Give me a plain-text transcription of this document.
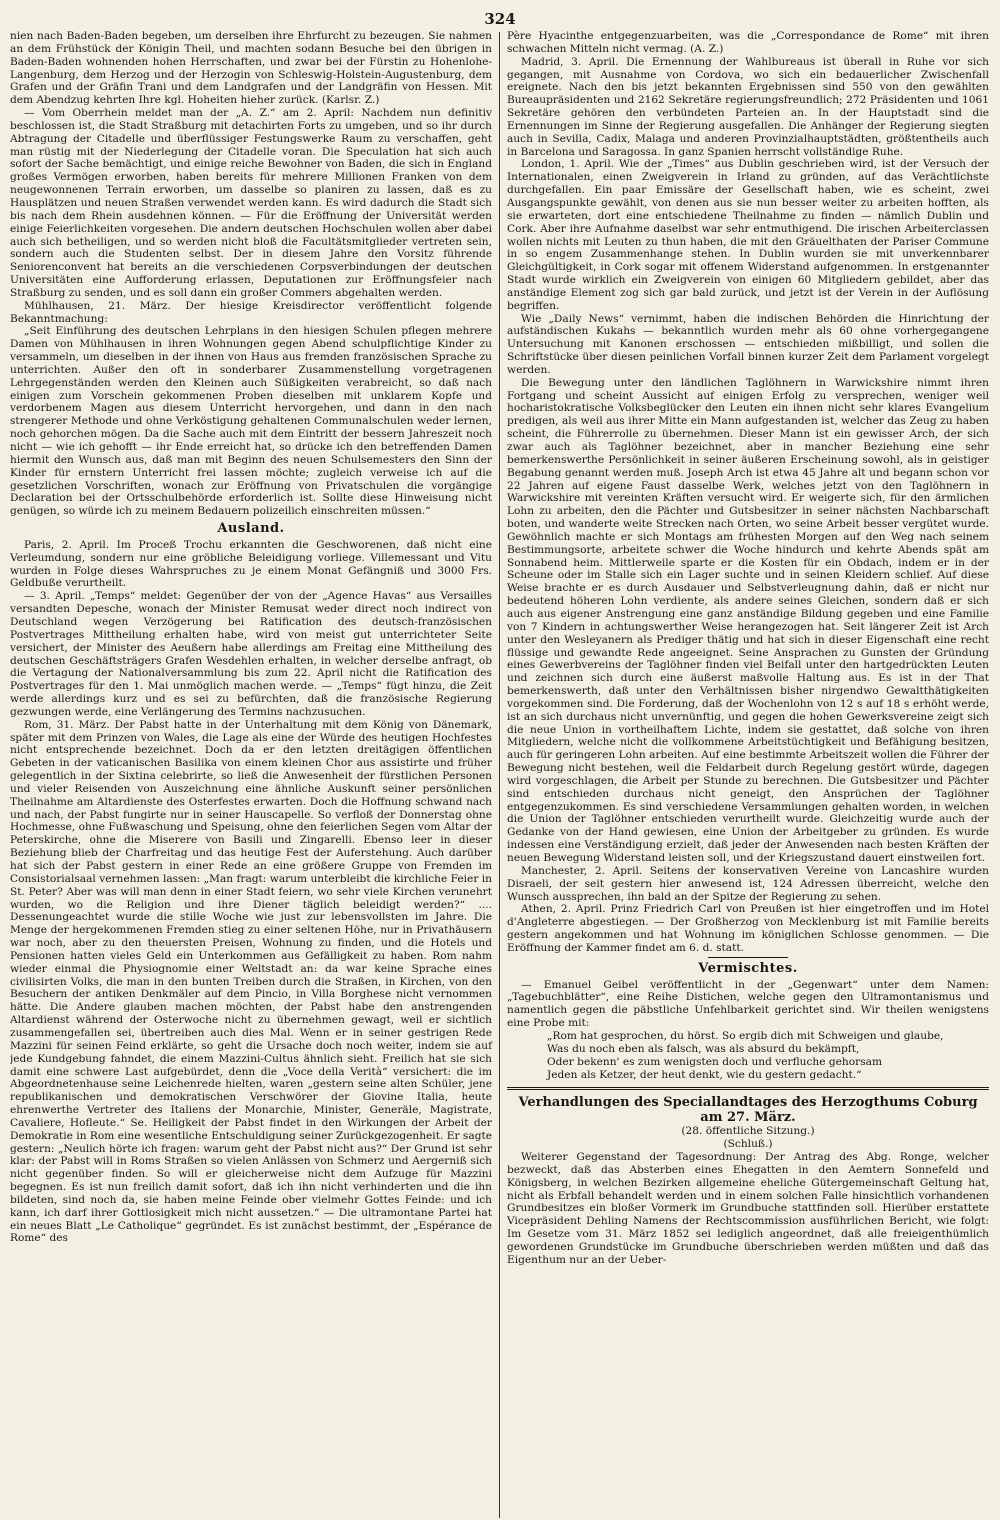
324

nien nach Baden-Baden begeben, um derselben ihre Ehrfurcht zu bezeugen. Sie nahmen an dem Frühstück der Königin Theil, und machten sodann Besuche bei den übrigen in Baden-Baden wohnenden hohen Herrschaften, und zwar bei der Fürstin zu Hohenlohe-Langenburg, dem Herzog und der Herzogin von Schleswig-Holstein-Augustenburg, dem Grafen und der Gräfin Trani und dem Landgrafen und der Landgräfin von Hessen. Mit dem Abendzug kehrten Ihre kgl. Hoheiten hieher zurück. (Karlsr. Z.)

— Vom Oberrhein meldet man der „A. Z.“ am 2. April: Nachdem nun definitiv beschlossen ist, die Stadt Straßburg mit detachirten Forts zu umgeben, und so ihr durch Abtragung der Citadelle und überflüssiger Festungswerke Raum zu verschaffen, geht man rüstig mit der Niederlegung der Citadelle voran. Die Speculation hat sich auch sofort der Sache bemächtigt, und einige reiche Bewohner von Baden, die sich in England großes Vermögen erworben, haben bereits für mehrere Millionen Franken von dem neugewonnenen Terrain erworben, um dasselbe so planiren zu lassen, daß es zu Hausplätzen und neuen Straßen verwendet werden kann. Es wird dadurch die Stadt sich bis nach dem Rhein ausdehnen können. — Für die Eröffnung der Universität werden einige Feierlichkeiten vorgesehen. Die andern deutschen Hochschulen wollen aber dabei auch sich betheiligen, und so werden nicht bloß die Facultätsmitglieder vertreten sein, sondern auch die Studenten selbst. Der in diesem Jahre den Vorsitz führende Seniorenconvent hat bereits an die verschiedenen Corpsverbindungen der deutschen Universitäten eine Aufforderung erlassen, Deputationen zur Eröffnungsfeier nach Straßburg zu senden, und es soll dann ein großer Commers abgehalten werden.

Mühlhausen, 21. März. Der hiesige Kreisdirector veröffentlicht folgende Bekanntmachung:

„Seit Einführung des deutschen Lehrplans in den hiesigen Schulen pflegen mehrere Damen von Mühlhausen in ihren Wohnungen gegen Abend schulpflichtige Kinder zu versammeln, um dieselben in der ihnen von Haus aus fremden französischen Sprache zu unterrichten. Außer den oft in sonderbarer Zusammenstellung vorgetragenen Lehrgegenständen werden den Kleinen auch Süßigkeiten verabreicht, so daß nach einigen zum Vorschein gekommenen Proben dieselben mit unklarem Kopfe und verdorbenem Magen aus diesem Unterricht hervorgehen, und dann in den nach strengerer Methode und ohne Verköstigung gehaltenen Communalschulen weder lernen, noch gehorchen mögen. Da die Sache auch mit dem Eintritt der bessern Jahreszeit noch nicht — wie ich gehofft — ihr Ende erreicht hat, so drücke ich den betreffenden Damen hiermit den Wunsch aus, daß man mit Beginn des neuen Schulsemesters den Sinn der Kinder für ernstern Unterricht frei lassen möchte; zugleich verweise ich auf die gesetzlichen Vorschriften, wonach zur Eröffnung von Privatschulen die vorgängige Declaration bei der Ortsschulbehörde erforderlich ist. Sollte diese Hinweisung nicht genügen, so würde ich zu meinem Bedauern polizeilich einschreiten müssen.“

Ausland.

Paris, 2. April. Im Proceß Trochu erkannten die Geschworenen, daß nicht eine Verleumdung, sondern nur eine gröbliche Beleidigung vorliege. Villemessant und Vitu wurden in Folge dieses Wahrspruches zu je einem Monat Gefängniß und 3000 Frs. Geldbuße verurtheilt.

— 3. April. „Temps“ meldet: Gegenüber der von der „Agence Havas“ aus Versailles versandten Depesche, wonach der Minister Remusat weder direct noch indirect von Deutschland wegen Verzögerung bei Ratification des deutsch-französischen Postvertrages Mittheilung erhalten habe, wird von meist gut unterrichteter Seite versichert, der Minister des Aeußern habe allerdings am Freitag eine Mittheilung des deutschen Geschäftsträgers Grafen Wesdehlen erhalten, in welcher derselbe anfragt, ob die Vertagung der Nationalversammlung bis zum 22. April nicht die Ratification des Postvertrages für den 1. Mai unmöglich machen werde. — „Temps“ fügt hinzu, die Zeit werde allerdings kurz und es sei zu befürchten, daß die französische Regierung gezwungen werde, eine Verlängerung des Termins nachzusuchen.

Rom, 31. März. Der Pabst hatte in der Unterhaltung mit dem König von Dänemark, später mit dem Prinzen von Wales, die Lage als eine der Würde des heutigen Hochfestes nicht entsprechende bezeichnet. Doch da er den letzten dreitägigen öffentlichen Gebeten in der vaticanischen Basilika von einem kleinen Chor aus assistirte und früher gelegentlich in der Sixtina celebrirte, so ließ die Anwesenheit der fürstlichen Personen und vieler Reisenden von Auszeichnung eine ähnliche Auskunft seiner persönlichen Theilnahme am Altardienste des Osterfestes erwarten. Doch die Hoffnung schwand nach und nach, der Pabst fungirte nur in seiner Hauscapelle. So verfloß der Donnerstag ohne Hochmesse, ohne Fußwaschung und Speisung, ohne den feierlichen Segen vom Altar der Peterskirche, ohne die Miserere von Basili und Zingarelli. Ebenso leer in dieser Beziehung blieb der Charfreitag und das heutige Fest der Auferstehung. Auch darüber hat sich der Pabst gestern in einer Rede an eine größere Gruppe von Fremden im Consistorialsaal vernehmen lassen: „Man fragt: warum unterbleibt die kirchliche Feier in St. Peter? Aber was will man denn in einer Stadt feiern, wo sehr viele Kirchen verunehrt wurden, wo die Religion und ihre Diener täglich beleidigt werden?“ .... Dessenungeachtet wurde die stille Woche wie just zur lebensvollsten im Jahre. Die Menge der hergekommenen Fremden stieg zu einer seltenen Höhe, nur in Privathäusern war noch, aber zu den theuersten Preisen, Wohnung zu finden, und die Hotels und Pensionen hatten vieles Geld ein Unterkommen aus Gefälligkeit zu haben. Rom nahm wieder einmal die Physiognomie einer Weltstadt an: da war keine Sprache eines civilisirten Volks, die man in den bunten Treiben durch die Straßen, in Kirchen, von den Besuchern der antiken Denkmäler auf dem Pincio, in Villa Borghese nicht vernommen hätte. Die Andere glauben machen möchten, der Pabst habe den anstrengenden Altardienst während der Osterwoche nicht zu übernehmen gewagt, weil er sichtlich zusammengefallen sei, übertreiben auch dies Mal. Wenn er in seiner gestrigen Rede Mazzini für seinen Feind erklärte, so geht die Ursache doch noch weiter, indem sie auf jede Kundgebung fahndet, die einem Mazzini-Cultus ähnlich sieht. Freilich hat sie sich damit eine schwere Last aufgebürdet, denn die „Voce della Verità“ versichert: die im Abgeordnetenhause seine Leichenrede hielten, waren „gestern seine alten Schüler, jene republikanischen und demokratischen Verschwörer der Giovine Italia, heute ehrenwerthe Vertreter des Italiens der Monarchie, Minister, Generäle, Magistrate, Cavaliere, Hofleute.“ Se. Heiligkeit der Pabst findet in den Wirkungen der Arbeit der Demokratie in Rom eine wesentliche Entschuldigung seiner Zurückgezogenheit. Er sagte gestern: „Neulich hörte ich fragen: warum geht der Pabst nicht aus?“ Der Grund ist sehr klar: der Pabst will in Roms Straßen so vielen Anlässen von Schmerz und Aergerniß sich nicht gegenüber finden. So will er gleicherweise nicht dem Aufzuge für Mazzini begegnen. Es ist nun freilich damit sofort, daß ich ihn nicht verhinderten und die ihn bildeten, sind noch da, sie haben meine Feinde ober vielmehr Gottes Feinde: und ich kann, ich darf ihrer Gottlosigkeit mich nicht aussetzen.“ — Die ultramontane Partei hat ein neues Blatt „Le Catholique“ gegründet. Es ist zunächst bestimmt, der „Espérance de Rome“ des

Père Hyacinthe entgegenzuarbeiten, was die „Correspondance de Rome“ mit ihren schwachen Mitteln nicht vermag. (A. Z.)

Madrid, 3. April. Die Ernennung der Wahlbureaus ist überall in Ruhe vor sich gegangen, mit Ausnahme von Cordova, wo sich ein bedauerlicher Zwischenfall ereignete. Nach den bis jetzt bekannten Ergebnissen sind 550 von den gewählten Bureaupräsidenten und 2162 Sekretäre regierungsfreundlich; 272 Präsidenten und 1061 Sekretäre gehören den verbündeten Parteien an. In der Hauptstadt sind die Ernennungen im Sinne der Regierung ausgefallen. Die Anhänger der Regierung siegten auch in Sevilla, Cadix, Malaga und anderen Provinzialhauptstädten, größtentheils auch in Barcelona und Saragossa. In ganz Spanien herrscht vollständige Ruhe.

London, 1. April. Wie der „Times“ aus Dublin geschrieben wird, ist der Versuch der Internationalen, einen Zweigverein in Irland zu gründen, auf das Verächtlichste durchgefallen. Ein paar Emissäre der Gesellschaft haben, wie es scheint, zwei Ausgangspunkte gewählt, von denen aus sie nun besser weiter zu arbeiten hofften, als sie erwarteten, dort eine entschiedene Theilnahme zu finden — nämlich Dublin und Cork. Aber ihre Aufnahme daselbst war sehr entmuthigend. Die irischen Arbeiterclassen wollen nichts mit Leuten zu thun haben, die mit den Gräuelthaten der Pariser Commune in so engem Zusammenhange stehen. In Dublin wurden sie mit unverkennbarer Gleichgültigkeit, in Cork sogar mit offenem Widerstand aufgenommen. In erstgenannter Stadt wurde wirklich ein Zweigverein von einigen 60 Mitgliedern gebildet, aber das anständige Element zog sich gar bald zurück, und jetzt ist der Verein in der Auflösung begriffen.

Wie „Daily News“ vernimmt, haben die indischen Behörden die Hinrichtung der aufständischen Kukahs — bekanntlich wurden mehr als 60 ohne vorhergegangene Untersuchung mit Kanonen erschossen — entschieden mißbilligt, und sollen die Schriftstücke über diesen peinlichen Vorfall binnen kurzer Zeit dem Parlament vorgelegt werden.

Die Bewegung unter den ländlichen Taglöhnern in Warwickshire nimmt ihren Fortgang und scheint Aussicht auf einigen Erfolg zu versprechen, weniger weil hocharistokratische Volksbeglücker den Leuten ein ihnen nicht sehr klares Evangelium predigen, als weil aus ihrer Mitte ein Mann aufgestanden ist, welcher das Zeug zu haben scheint, die Führerrolle zu übernehmen. Dieser Mann ist ein gewisser Arch, der sich zwar auch als Taglöhner bezeichnet, aber in mancher Beziehung eine sehr bemerkenswerthe Persönlichkeit in seiner äußeren Erscheinung sowohl, als in geistiger Begabung genannt werden muß. Joseph Arch ist etwa 45 Jahre alt und begann schon vor 22 Jahren auf eigene Faust dasselbe Werk, welches jetzt von den Taglöhnern in Warwickshire mit vereinten Kräften versucht wird. Er weigerte sich, für den ärmlichen Lohn zu arbeiten, den die Pächter und Gutsbesitzer in seiner nächsten Nachbarschaft boten, und wanderte weite Strecken nach Orten, wo seine Arbeit besser vergütet wurde. Gewöhnlich machte er sich Montags am frühesten Morgen auf den Weg nach seinem Bestimmungsorte, arbeitete schwer die Woche hindurch und kehrte Abends spät am Sonnabend heim. Mittlerweile sparte er die Kosten für ein Obdach, indem er in der Scheune oder im Stalle sich ein Lager suchte und in seinen Kleidern schlief. Auf diese Weise brachte er es durch Ausdauer und Selbstverleugnung dahin, daß er nicht nur bedeutend höheren Lohn verdiente, als andere seines Gleichen, sondern daß er sich auch aus eigener Anstrengung eine ganz anständige Bildung gegeben und eine Familie von 7 Kindern in achtungswerther Weise herangezogen hat. Seit längerer Zeit ist Arch unter den Wesleyanern als Prediger thätig und hat sich in dieser Eigenschaft eine recht flüssige und gewandte Rede angeeignet. Seine Ansprachen zu Gunsten der Gründung eines Gewerbvereins der Taglöhner finden viel Beifall unter den hartgedrückten Leuten und zeichnen sich durch eine äußerst maßvolle Haltung aus. Es ist in der That bemerkenswerth, daß unter den Verhältnissen bisher nirgendwo Gewaltthätigkeiten vorgekommen sind. Die Forderung, daß der Wochenlohn von 12 s auf 18 s erhöht werde, ist an sich durchaus nicht unvernünftig, und gegen die hohen Gewerksvereine zeigt sich die neue Union in vortheilhaftem Lichte, indem sie gestattet, daß solche von ihren Mitgliedern, welche nicht die vollkommene Arbeitstüchtigkeit und Befähigung besitzen, auch für geringeren Lohn arbeiten. Auf eine bestimmte Arbeitszeit wollen die Führer der Bewegung nicht bestehen, weil die Feldarbeit durch Regelung gestört würde, dagegen wird vorgeschlagen, die Arbeit per Stunde zu berechnen. Die Gutsbesitzer und Pächter sind entschieden durchaus nicht geneigt, den Ansprüchen der Taglöhner entgegenzukommen. Es sind verschiedene Versammlungen gehalten worden, in welchen die Union der Taglöhner entschieden verurtheilt wurde. Gleichzeitig wurde auch der Gedanke von der Hand gewiesen, eine Union der Arbeitgeber zu gründen. Es wurde indessen eine Verständigung erzielt, daß jeder der Anwesenden nach besten Kräften der neuen Bewegung Widerstand leisten soll, und der Kriegszustand dauert einstweilen fort.

Manchester, 2. April. Seitens der konservativen Vereine von Lancashire wurden Disraeli, der seit gestern hier anwesend ist, 124 Adressen überreicht, welche den Wunsch aussprechen, ihn bald an der Spitze der Regierung zu sehen.

Athen, 2. April. Prinz Friedrich Carl von Preußen ist hier eingetroffen und im Hotel d'Angleterre abgestiegen. — Der Großherzog von Mecklenburg ist mit Familie bereits gestern angekommen und hat Wohnung im königlichen Schlosse genommen. — Die Eröffnung der Kammer findet am 6. d. statt.

Vermischtes.

— Emanuel Geibel veröffentlicht in der „Gegenwart“ unter dem Namen: „Tagebuchblätter“, eine Reihe Distichen, welche gegen den Ultramontanismus und namentlich gegen die päbstliche Unfehlbarkeit gerichtet sind. Wir theilen wenigstens eine Probe mit:

„Rom hat gesprochen, du hörst. So ergib dich mit Schweigen und glaube,

Was du noch eben als falsch, was als absurd du bekämpft,

Oder bekenn' es zum wenigsten doch und verfluche gehorsam

Jeden als Ketzer, der heut denkt, wie du gestern gedacht.“

Verhandlungen des Speciallandtages des Herzogthums Coburg am 27. März.
(28. öffentliche Sitzung.)
(Schluß.)

Weiterer Gegenstand der Tagesordnung: Der Antrag des Abg. Ronge, welcher bezweckt, daß das Absterben eines Ehegatten in den Aemtern Sonnefeld und Königsberg, in welchen Bezirken allgemeine eheliche Gütergemeinschaft Geltung hat, nicht als Erbfall behandelt werden und in einem solchen Falle hinsichtlich vorhandenen Grundbesitzes ein bloßer Vormerk im Grundbuche stattfinden soll. Hierüber erstattete Vicepräsident Dehling Namens der Rechtscommission ausführlichen Bericht, wie folgt: Im Gesetze vom 31. März 1852 sei lediglich angeordnet, daß alle freieigenthümlich gewordenen Grundstücke im Grundbuche überschrieben werden müßten und daß das Eigenthum nur an der Ueber-
